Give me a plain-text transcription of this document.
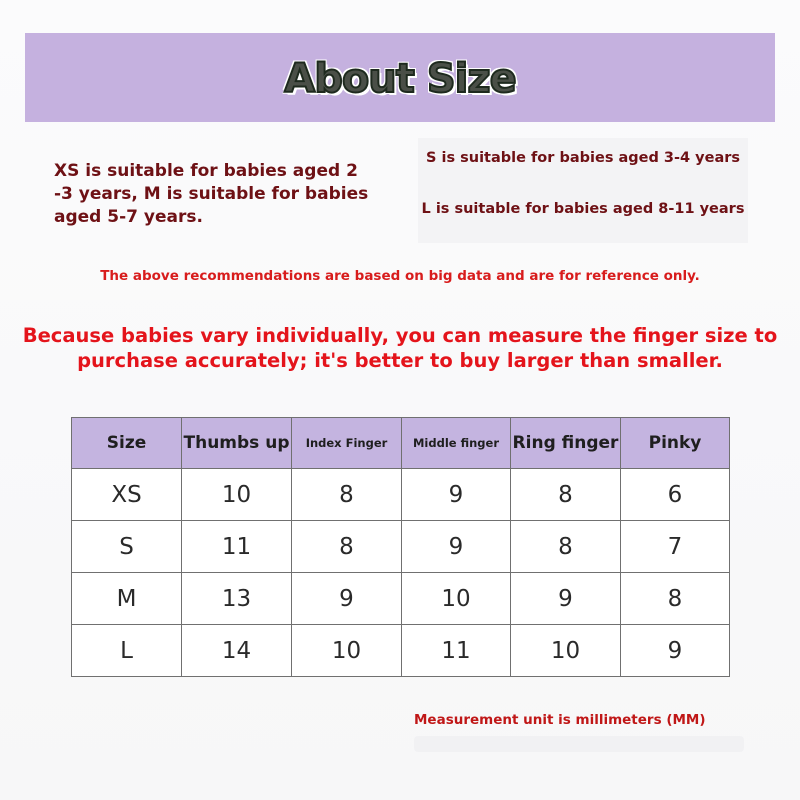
About Size
XS is suitable for babies aged 2 -3 years, M is suitable for babies aged 5-7 years.
S is suitable for babies aged 3-4 years
L is suitable for babies aged 8-11 years
The above recommendations are based on big data and are for reference only.
Because babies vary individually, you can measure the finger size to purchase accurately; it's better to buy larger than smaller.
Size	Thumbs up	Index Finger	Middle finger	Ring finger	Pinky
XS	10	8	9	8	6
S	11	8	9	8	7
M	13	9	10	9	8
L	14	10	11	10	9
Measurement unit is millimeters (MM)
